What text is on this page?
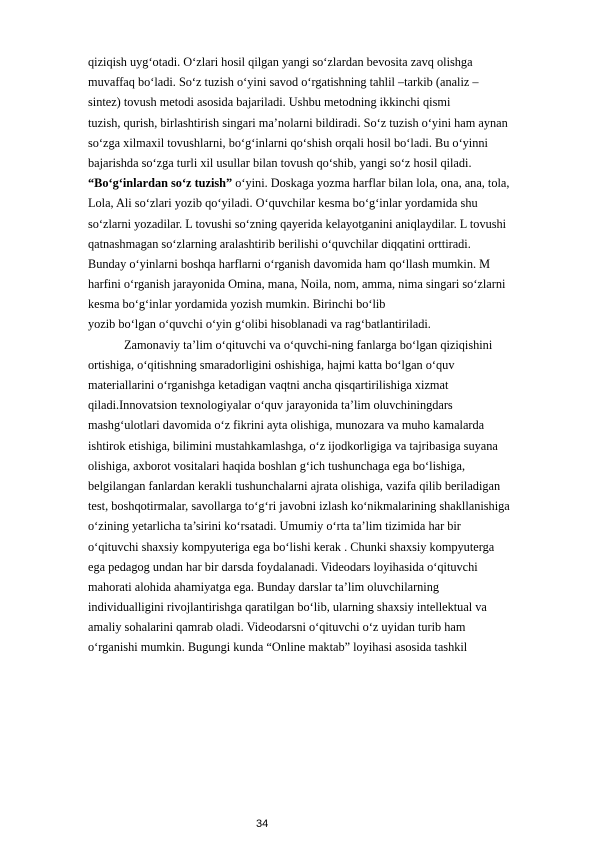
qiziqish uyg‘otadi. O‘zlari hosil qilgan yangi so‘zlardan bevosita zavq olishga
muvaffaq bo‘ladi. So‘z tuzish o‘yini savod o‘rgatishning tahlil –tarkib (analiz –
sintez) tovush metodi asosida bajariladi. Ushbu metodning ikkinchi qismi
tuzish, qurish, birlashtirish singari ma’nolarni bildiradi. So‘z tuzish o‘yini ham aynan
so‘zga xilmaxil tovushlarni, bo‘g‘inlarni qo‘shish orqali hosil bo‘ladi. Bu o‘yinni
bajarishda so‘zga turli xil usullar bilan tovush qo‘shib, yangi so‘z hosil qiladi.
“Bo‘g‘inlardan so‘z tuzish” o‘yini. Doskaga yozma harflar bilan lola, ona, ana, tola,
Lola, Ali so‘zlari yozib qo‘yiladi. O‘quvchilar kesma bo‘g‘inlar yordamida shu
so‘zlarni yozadilar. L tovushi so‘zning qayerida kelayotganini aniqlaydilar. L tovushi
qatnashmagan so‘zlarning aralashtirib berilishi o‘quvchilar diqqatini orttiradi.
Bunday o‘yinlarni boshqa harflarni o‘rganish davomida ham qo‘llash mumkin. M
harfini o‘rganish jarayonida Omina, mana, Noila, nom, amma, nima singari so‘zlarni
kesma bo‘g‘inlar yordamida yozish mumkin. Birinchi bo‘lib
yozib bo‘lgan o‘quvchi o‘yin g‘olibi hisoblanadi va rag‘batlantiriladi.
Zamonaviy ta’lim o‘qituvchi va o‘quvchi-ning fanlarga bo‘lgan qiziqishini
ortishiga, o‘qitishning smaradorligini oshishiga, hajmi katta bo‘lgan o‘quv
materiallarini o‘rganishga ketadigan vaqtni ancha qisqartirilishiga xizmat
qiladi.Innovatsion texnologiyalar o‘quv jarayonida ta’lim oluvchiningdars
mashg‘ulotlari davomida o‘z fikrini ayta olishiga, munozara va muho kamalarda
ishtirok etishiga, bilimini mustahkamlashga, o‘z ijodkorligiga va tajribasiga suyana
olishiga, axborot vositalari haqida boshlan g‘ich tushunchaga ega bo‘lishiga,
belgilangan fanlardan kerakli tushunchalarni ajrata olishiga, vazifa qilib beriladigan
test, boshqotirmalar, savollarga to‘g‘ri javobni izlash ko‘nikmalarining shakllanishiga
o‘zining yetarlicha ta’sirini ko‘rsatadi. Umumiy o‘rta ta’lim tizimida har bir
o‘qituvchi shaxsiy kompyuteriga ega bo‘lishi kerak . Chunki shaxsiy kompyuterga
ega pedagog undan har bir darsda foydalanadi. Videodars loyihasida o‘qituvchi
mahorati alohida ahamiyatga ega. Bunday darslar ta’lim oluvchilarning
individualligini rivojlantirishga qaratilgan bo‘lib, ularning shaxsiy intellektual va
amaliy sohalarini qamrab oladi. Videodarsni o‘qituvchi o‘z uyidan turib ham
o‘rganishi mumkin. Bugungi kunda “Online maktab” loyihasi asosida tashkil
34
